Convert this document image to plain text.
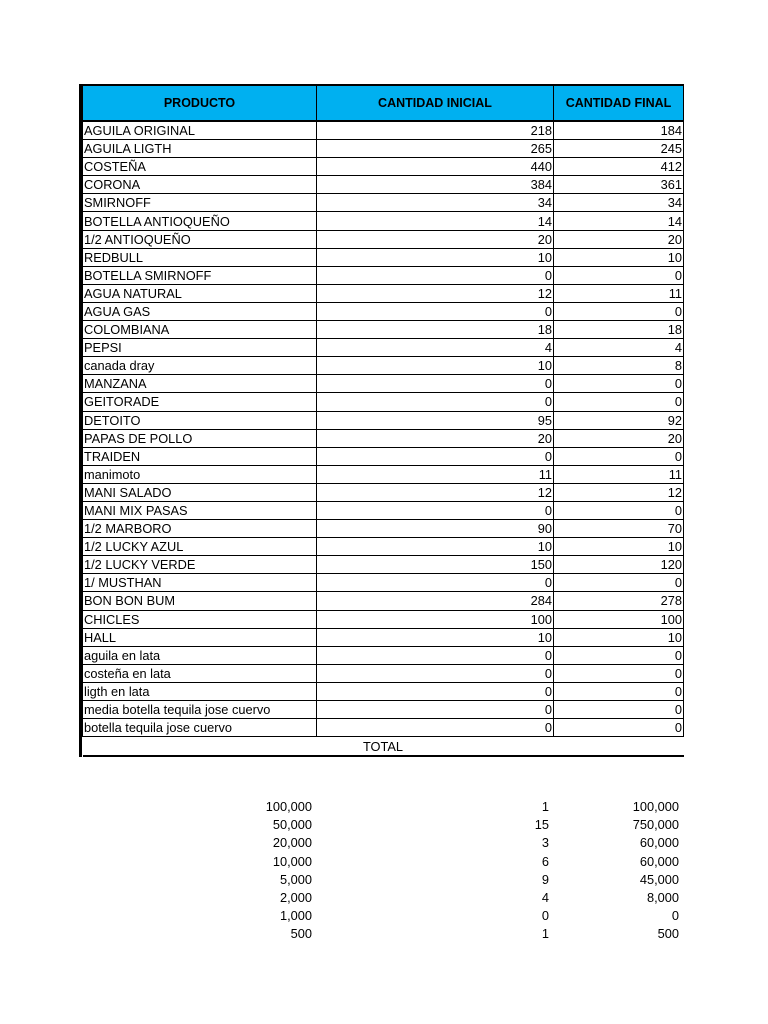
PRODUCTO	CANTIDAD INICIAL	CANTIDAD FINAL
AGUILA ORIGINAL	218	184
AGUILA LIGTH	265	245
COSTEÑA	440	412
CORONA	384	361
SMIRNOFF	34	34
BOTELLA ANTIOQUEÑO	14	14
1/2 ANTIOQUEÑO	20	20
REDBULL	10	10
BOTELLA SMIRNOFF	0	0
AGUA NATURAL	12	11
AGUA GAS	0	0
COLOMBIANA	18	18
PEPSI	4	4
canada dray	10	8
MANZANA	0	0
GEITORADE	0	0
DETOITO	95	92
PAPAS DE POLLO	20	20
TRAIDEN	0	0
manimoto	11	11
MANI SALADO	12	12
MANI MIX PASAS	0	0
1/2 MARBORO	90	70
1/2 LUCKY AZUL	10	10
1/2 LUCKY VERDE	150	120
1/ MUSTHAN	0	0
BON BON BUM	284	278
CHICLES	100	100
HALL	10	10
aguila en lata	0	0
costeña en lata	0	0
ligth en lata	0	0
media botella tequila jose cuervo	0	0
botella tequila jose cuervo	0	0
TOTAL		
100,000	1	100,000
50,000	15	750,000
20,000	3	60,000
10,000	6	60,000
5,000	9	45,000
2,000	4	8,000
1,000	0	0
500	1	500
